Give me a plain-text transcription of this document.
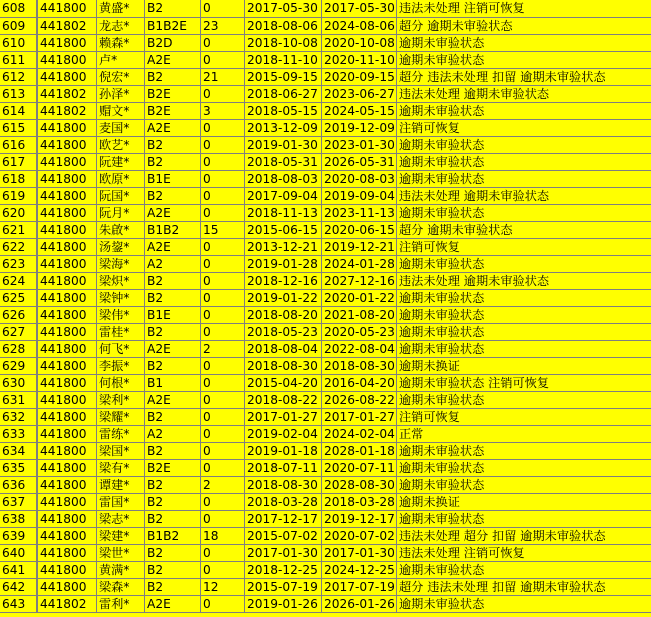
608	441800	黄盛*	B2	0	2017-05-30 2017-05-30 违法未处理 注销可恢复
609	441802	龙志*	B1B2E	23	2018-08-06 2024-08-06 超分 逾期未审验状态
610	441800	赖森*	B2D	0	2018-10-08 2020-10-08 逾期未审验状态
611	441800	卢*	A2E	0	2018-11-10 2020-11-10 逾期未审验状态
612	441800	倪宏*	B2	21	2015-09-15 2020-09-15 超分 违法未处理 扣留 逾期未审验状态
613	441802	孙泽*	B2E	0	2018-06-27 2023-06-27 违法未处理 逾期未审验状态
614	441802	赗文*	B2E	3	2018-05-15 2024-05-15 逾期未审验状态
615	441800	麦国*	A2E	0	2013-12-09 2019-12-09 注销可恢复
616	441800	欧艺*	B2	0	2019-01-30 2023-01-30 逾期未审验状态
617	441800	阮建*	B2	0	2018-05-31 2026-05-31 逾期未审验状态
618	441800	欧原*	B1E	0	2018-08-03 2020-08-03 逾期未审验状态
619	441800	阮国*	B2	0	2017-09-04 2019-09-04 违法未处理 逾期未审验状态
620	441800	阮月*	A2E	0	2018-11-13 2023-11-13 逾期未审验状态
621	441800	朱啟*	B1B2	15	2015-06-15 2020-06-15 超分 逾期未审验状态
622	441800	汤鋆*	A2E	0	2013-12-21 2019-12-21 注销可恢复
623	441800	梁海*	A2	0	2019-01-28 2024-01-28 逾期未审验状态
624	441800	梁炽*	B2	0	2018-12-16 2027-12-16 违法未处理 逾期未审验状态
625	441800	梁钟*	B2	0	2019-01-22 2020-01-22 逾期未审验状态
626	441800	梁伟*	B1E	0	2018-08-20 2021-08-20 逾期未审验状态
627	441800	雷桂*	B2	0	2018-05-23 2020-05-23 逾期未审验状态
628	441800	何飞*	A2E	2	2018-08-04 2022-08-04 逾期未审验状态
629	441800	李振*	B2	0	2018-08-30 2018-08-30 逾期未换证
630	441800	何根*	B1	0	2015-04-20 2016-04-20 逾期未审验状态 注销可恢复
631	441800	梁利*	A2E	0	2018-08-22 2026-08-22 逾期未审验状态
632	441800	梁耀*	B2	0	2017-01-27 2017-01-27 注销可恢复
633	441800	雷练*	A2	0	2019-02-04 2024-02-04 正常
634	441800	梁国*	B2	0	2019-01-18 2028-01-18 逾期未审验状态
635	441800	梁有*	B2E	0	2018-07-11 2020-07-11 逾期未审验状态
636	441800	谭建*	B2	2	2018-08-30 2028-08-30 逾期未审验状态
637	441800	雷国*	B2	0	2018-03-28 2018-03-28 逾期未换证
638	441800	梁志*	B2	0	2017-12-17 2019-12-17 逾期未审验状态
639	441800	梁建*	B1B2	18	2015-07-02 2020-07-02 违法未处理 超分 扣留 逾期未审验状态
640	441800	梁世*	B2	0	2017-01-30 2017-01-30 违法未处理 注销可恢复
641	441800	黄满*	B2	0	2018-12-25 2024-12-25 逾期未审验状态
642	441800	梁森*	B2	12	2015-07-19 2017-07-19 超分 违法未处理 扣留 逾期未审验状态
643	441802	雷利*	A2E	0	2019-01-26 2026-01-26 逾期未审验状态
